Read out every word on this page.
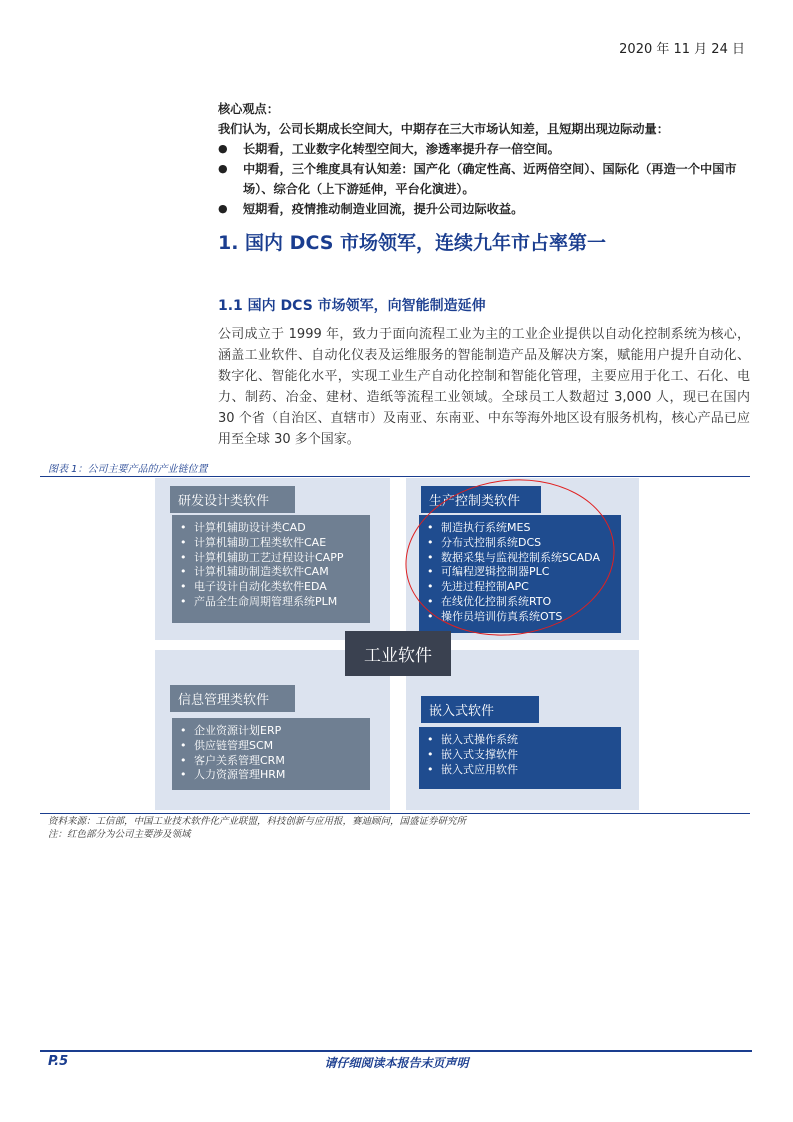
2020 年 11 月 24 日

核心观点：

我们认为，公司长期成长空间大，中期存在三大市场认知差，且短期出现边际动量：

● 长期看，工业数字化转型空间大，渗透率提升存一倍空间。

● 中期看，三个维度具有认知差：国产化（确定性高、近两倍空间）、国际化（再造一个中国市场）、综合化（上下游延伸，平台化演进）。

● 短期看，疫情推动制造业回流，提升公司边际收益。

1. 国内 DCS 市场领军，连续九年市占率第一
1.1 国内 DCS 市场领军，向智能制造延伸
公司成立于 1999 年，致力于面向流程工业为主的工业企业提供以自动化控制系统为核心，涵盖工业软件、自动化仪表及运维服务的智能制造产品及解决方案，赋能用户提升自动化、数字化、智能化水平，实现工业生产自动化控制和智能化管理，主要应用于化工、石化、电力、制药、冶金、建材、造纸等流程工业领域。全球员工人数超过 3,000 人，现已在国内 30 个省（自治区、直辖市）及南亚、东南亚、中东等海外地区设有服务机构，核心产品已应用至全球 30 多个国家。
图表 1：公司主要产品的产业链位置
研发设计类软件
• 计算机辅助设计类CAD
• 计算机辅助工程类软件CAE
• 计算机辅助工艺过程设计CAPP
• 计算机辅助制造类软件CAM
• 电子设计自动化类软件EDA
• 产品全生命周期管理系统PLM
生产控制类软件
• 制造执行系统MES
• 分布式控制系统DCS
• 数据采集与监视控制系统SCADA
• 可编程逻辑控制器PLC
• 先进过程控制APC
• 在线优化控制系统RTO
• 操作员培训仿真系统OTS
信息管理类软件
• 企业资源计划ERP
• 供应链管理SCM
• 客户关系管理CRM
• 人力资源管理HRM
嵌入式软件
• 嵌入式操作系统
• 嵌入式支撑软件
• 嵌入式应用软件
工业软件
资料来源：工信部，中国工业技术软件化产业联盟，科技创新与应用报，赛迪顾问，国盛证券研究所
注：红色部分为公司主要涉及领域
请仔细阅读本报告末页声明
P.5
